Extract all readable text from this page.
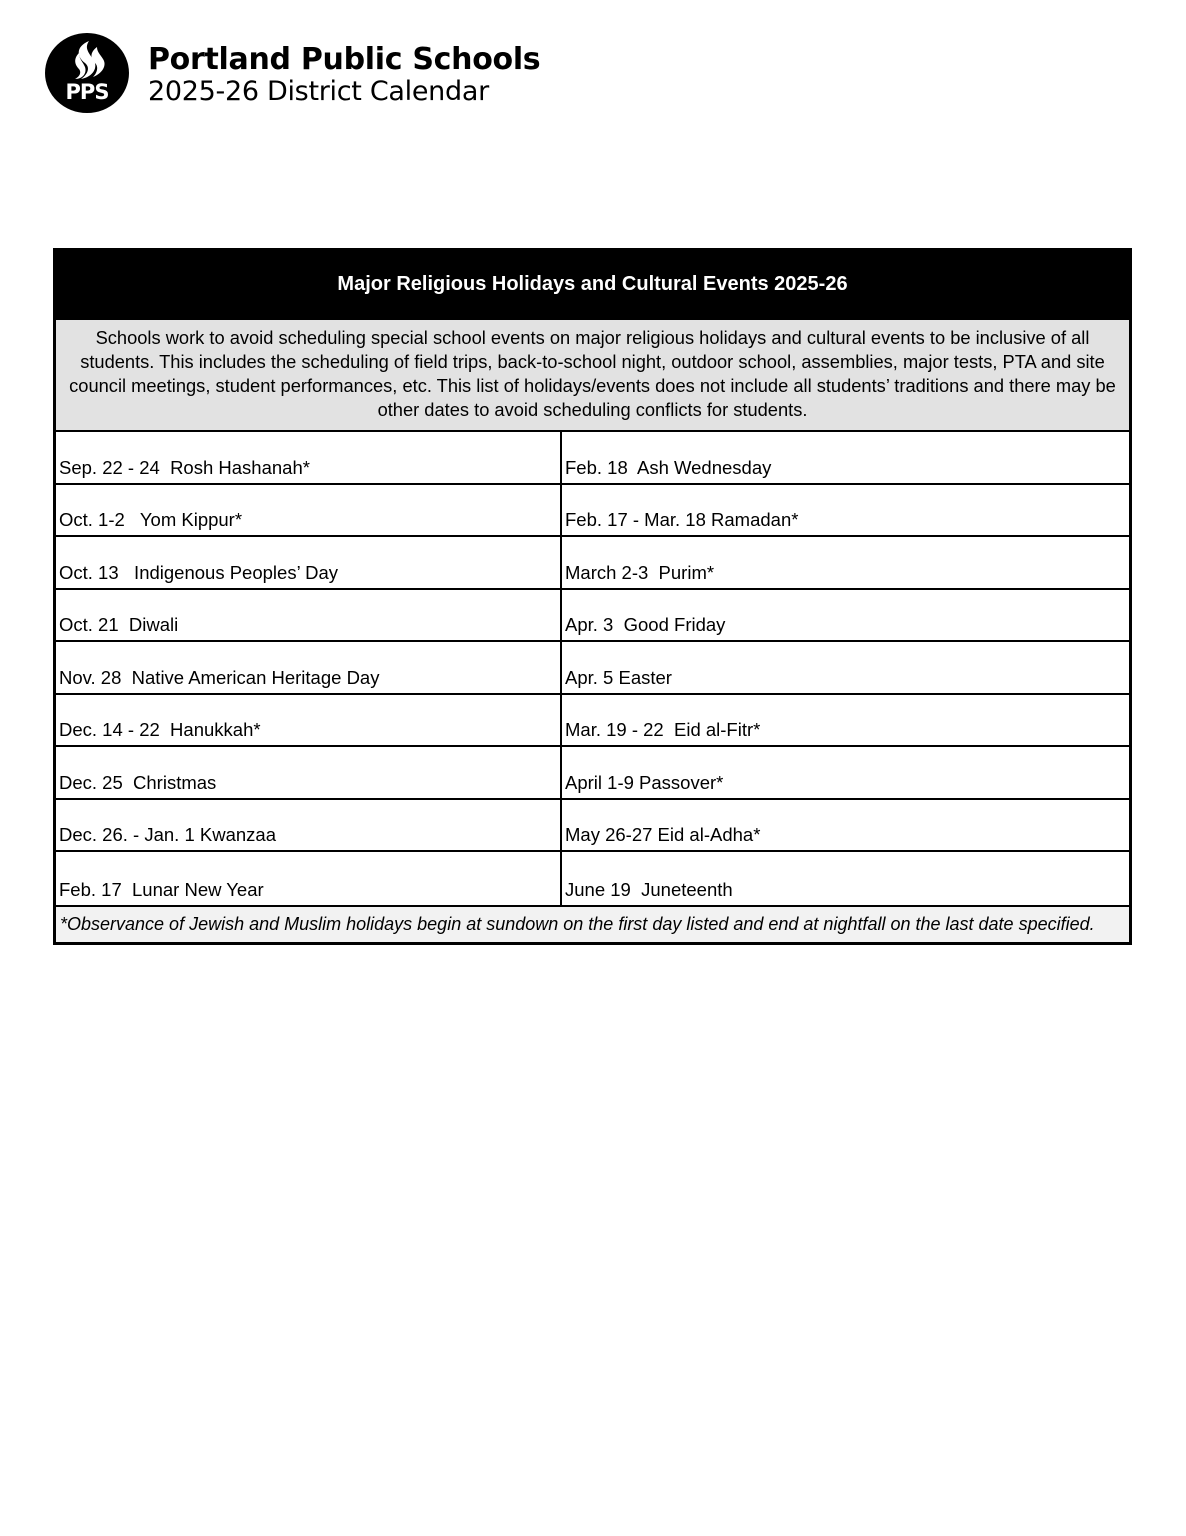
PPS
Portland Public Schools
2025-26 District Calendar
Major Religious Holidays and Cultural Events 2025-26
Schools work to avoid scheduling special school events on major religious holidays and cultural events to be inclusive of all students. This includes the scheduling of field trips, back-to-school night, outdoor school, assemblies, major tests, PTA and site council meetings, student performances, etc. This list of holidays/events does not include all students’ traditions and there may be other dates to avoid scheduling conflicts for students.
Sep. 22 - 24  Rosh Hashanah*
Oct. 1-2   Yom Kippur*
Oct. 13   Indigenous Peoples’ Day
Oct. 21  Diwali
Nov. 28  Native American Heritage Day
Dec. 14 - 22  Hanukkah*
Dec. 25  Christmas
Dec. 26. - Jan. 1 Kwanzaa
Feb. 17  Lunar New Year
Feb. 18  Ash Wednesday
Feb. 17 - Mar. 18 Ramadan*
March 2-3  Purim*
Apr. 3  Good Friday
Apr. 5 Easter
Mar. 19 - 22  Eid al-Fitr*
April 1-9 Passover*
May 26-27 Eid al-Adha*
June 19  Juneteenth
*Observance of Jewish and Muslim holidays begin at sundown on the first day listed and end at nightfall on the last date specified.
